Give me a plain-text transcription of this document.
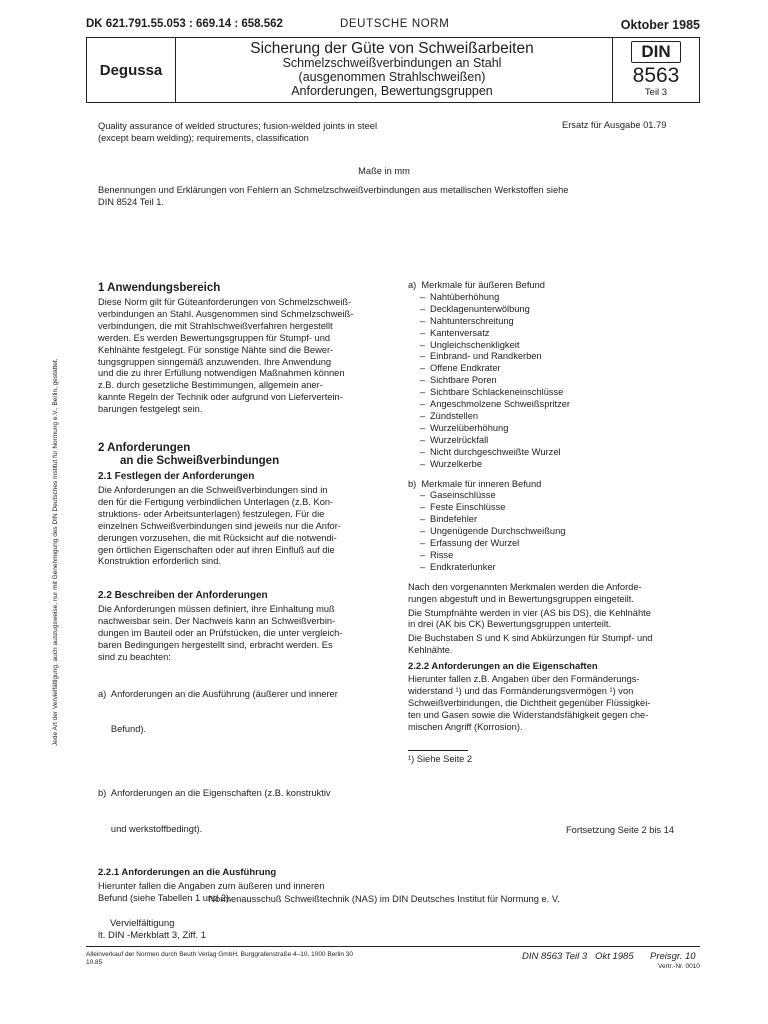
DK 621.791.55.053 : 669.14 : 658.562	DEUTSCHE NORM	Oktober 1985
Degussa
Sicherung der Güte von Schweißarbeiten
Schmelzschweißverbindungen an Stahl
(ausgenommen Strahlschweißen)
Anforderungen, Bewertungsgruppen
DIN
8563
Teil 3
Quality assurance of welded structures; fusion-welded joints in steel
(except beam welding); requirements, classification
Ersatz für Ausgabe 01.79
Maße in mm
Benennungen und Erklärungen von Fehlern an Schmelzschweißverbindungen aus metallischen Werkstoffen siehe
DIN 8524 Teil 1.
1 Anwendungsbereich
Diese Norm gilt für Güteanforderungen von Schmelzschweiß-
verbindungen an Stahl. Ausgenommen sind Schmelzschweiß-
verbindungen, die mit Strahlschweißverfahren hergestellt
werden. Es werden Bewertungsgruppen für Stumpf- und
Kehlnähte festgelegt. Für sonstige Nähte sind die Bewer-
tungsgruppen sinngemäß anzuwenden. Ihre Anwendung
und die zu ihrer Erfüllung notwendigen Maßnahmen können
z.B. durch gesetzliche Bestimmungen, allgemein aner-
kannte Regeln der Technik oder aufgrund von Liefervertein-
barungen festgelegt sein.
2 Anforderungen
an die Schweißverbindungen
2.1 Festlegen der Anforderungen
Die Anforderungen an die Schweißverbindungen sind in
den für die Fertigung verbindlichen Unterlagen (z.B. Kon-
struktions- oder Arbeitsunterlagen) festzulegen. Für die
einzelnen Schweißverbindungen sind jeweils nur die Anfor-
derungen vorzusehen, die mit Rücksicht auf die notwendi-
gen örtlichen Eigenschaften oder auf ihren Einfluß auf die
Konstruktion erforderlich sind.
2.2 Beschreiben der Anforderungen
Die Anforderungen müssen definiert, ihre Einhaltung muß
nachweisbar sein. Der Nachweis kann an Schweißverbin-
dungen im Bauteil oder an Prüfstücken, die unter vergleich-
baren Bedingungen hergestellt sind, erbracht werden. Es
sind zu beachten:

a)  Anforderungen an die Ausführung (äußerer und innerer

Befund).

b)  Anforderungen an die Eigenschaften (z.B. konstruktiv

und werkstoffbedingt).

2.2.1 Anforderungen an die Ausführung
Hierunter fallen die Angaben zum äußeren und inneren
Befund (siehe Tabellen 1 und 2).
a)  Merkmale für äußeren Befund
– Nahtüberhöhung
– Decklagenunterwölbung
– Nahtunterschreitung
– Kantenversatz
– Ungleichschenkligkeit
– Einbrand- und Randkerben
– Offene Endkrater
– Sichtbare Poren
– Sichtbare Schlackeneinschlüsse
– Angeschmolzene Schweißspritzer
– Zündstellen
– Wurzelüberhöhung
– Wurzelrückfall
– Nicht durchgeschweißte Wurzel
– Wurzelkerbe
b)  Merkmale für inneren Befund
– Gaseinschlüsse
– Feste Einschlüsse
– Bindefehler
– Ungenügende Durchschweißung
– Erfassung der Wurzel
– Risse
– Endkraterlunker
Nach den vorgenannten Merkmalen werden die Anforde-
rungen abgestuft und in Bewertungsgruppen eingeteilt.
Die Stumpfnähte werden in vier (AS bis DS), die Kehlnähte
in drei (AK bis CK) Bewertungsgruppen unterteilt.
Die Buchstaben S und K sind Abkürzungen für Stumpf- und
Kehlnähte.
2.2.2 Anforderungen an die Eigenschaften
Hierunter fallen z.B. Angaben über den Formänderungs-
widerstand ¹) und das Formänderungsvermögen ¹) von
Schweißverbindungen, die Dichtheit gegenüber Flüssigkei-
ten und Gasen sowie die Widerstandsfähigkeit gegen che-
mischen Angriff (Korrosion).
¹) Siehe Seite 2
Fortsetzung Seite 2 bis 14
Normenausschuß Schweißtechnik (NAS) im DIN Deutsches Institut für Normung e. V.
Vervielfältigung
lt. DIN -Merkblatt 3, Ziff. 1
Alleinverkauf der Normen durch Beuth Verlag GmbH, Burggrafenstraße 4–10, 1000 Berlin 30
10.85
DIN 8563 Teil 3   Okt 1985 Preisgr. 10
Vertr.-Nr. 0010
Jede Art der Vervielfältigung, auch auszugsweise, nur mit Genehmigung des DIN Deutsches Institut für Normung e.V., Berlin, gestattet.
